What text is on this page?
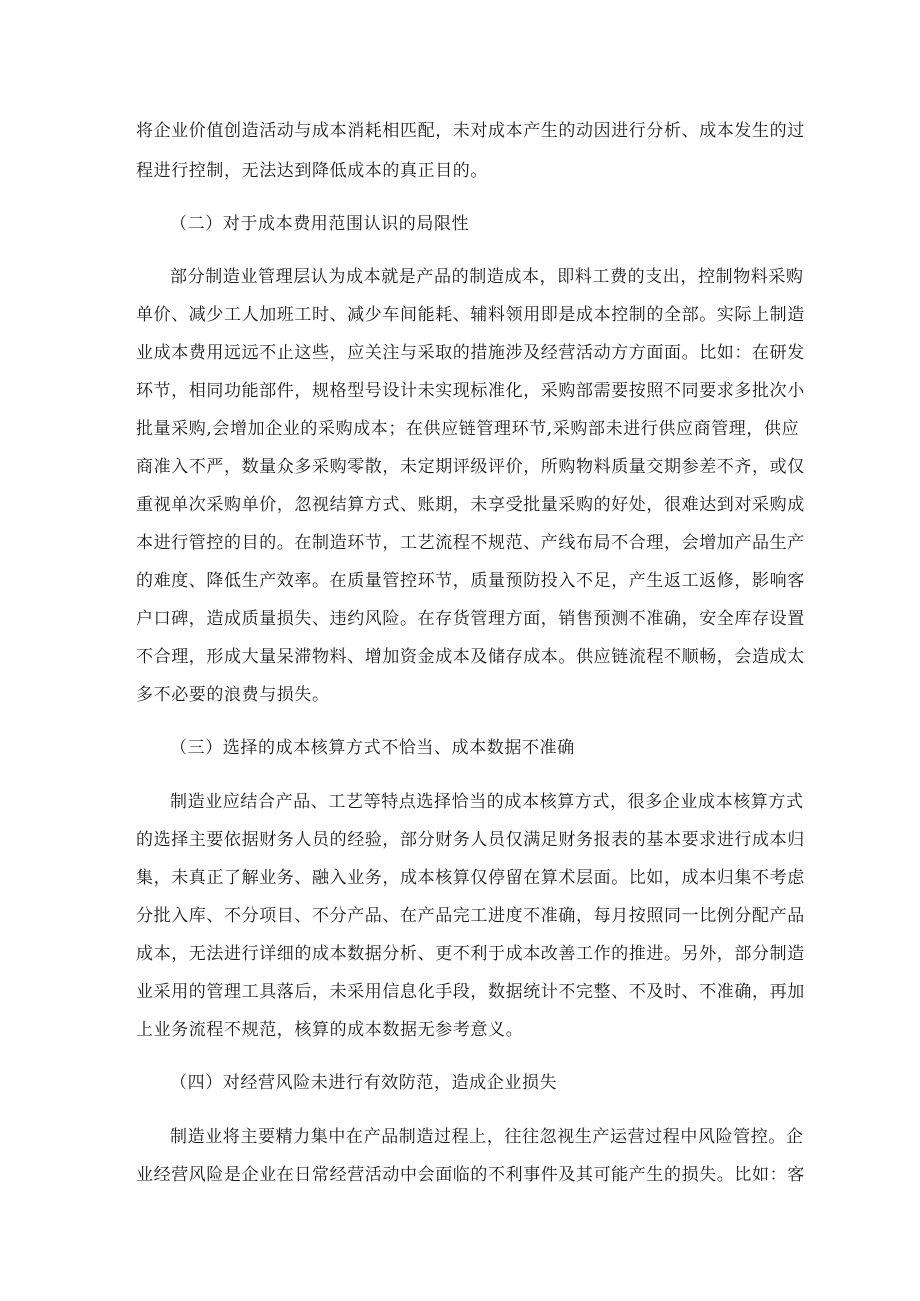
将企业价值创造活动与成本消耗相匹配，未对成本产生的动因进行分析、成本发生的过
程进行控制，无法达到降低成本的真正目的。
（二）对于成本费用范围认识的局限性
部分制造业管理层认为成本就是产品的制造成本，即料工费的支出，控制物料采购
单价、减少工人加班工时、减少车间能耗、辅料领用即是成本控制的全部。实际上制造
业成本费用远远不止这些，应关注与采取的措施涉及经营活动方方面面。比如：在研发
环节，相同功能部件，规格型号设计未实现标准化，采购部需要按照不同要求多批次小
批量采购,会增加企业的采购成本；在供应链管理环节,采购部未进行供应商管理，供应
商准入不严，数量众多采购零散，未定期评级评价，所购物料质量交期参差不齐，或仅
重视单次采购单价，忽视结算方式、账期，未享受批量采购的好处，很难达到对采购成
本进行管控的目的。在制造环节，工艺流程不规范、产线布局不合理，会增加产品生产
的难度、降低生产效率。在质量管控环节，质量预防投入不足，产生返工返修，影响客
户口碑，造成质量损失、违约风险。在存货管理方面，销售预测不准确，安全库存设置
不合理，形成大量呆滞物料、增加资金成本及储存成本。供应链流程不顺畅，会造成太
多不必要的浪费与损失。
（三）选择的成本核算方式不恰当、成本数据不准确
制造业应结合产品、工艺等特点选择恰当的成本核算方式，很多企业成本核算方式
的选择主要依据财务人员的经验，部分财务人员仅满足财务报表的基本要求进行成本归
集，未真正了解业务、融入业务，成本核算仅停留在算术层面。比如，成本归集不考虑
分批入库、不分项目、不分产品、在产品完工进度不准确，每月按照同一比例分配产品
成本，无法进行详细的成本数据分析、更不利于成本改善工作的推进。另外，部分制造
业采用的管理工具落后，未采用信息化手段，数据统计不完整、不及时、不准确，再加
上业务流程不规范，核算的成本数据无参考意义。
（四）对经营风险未进行有效防范，造成企业损失
制造业将主要精力集中在产品制造过程上，往往忽视生产运营过程中风险管控。企
业经营风险是企业在日常经营活动中会面临的不利事件及其可能产生的损失。比如：客
